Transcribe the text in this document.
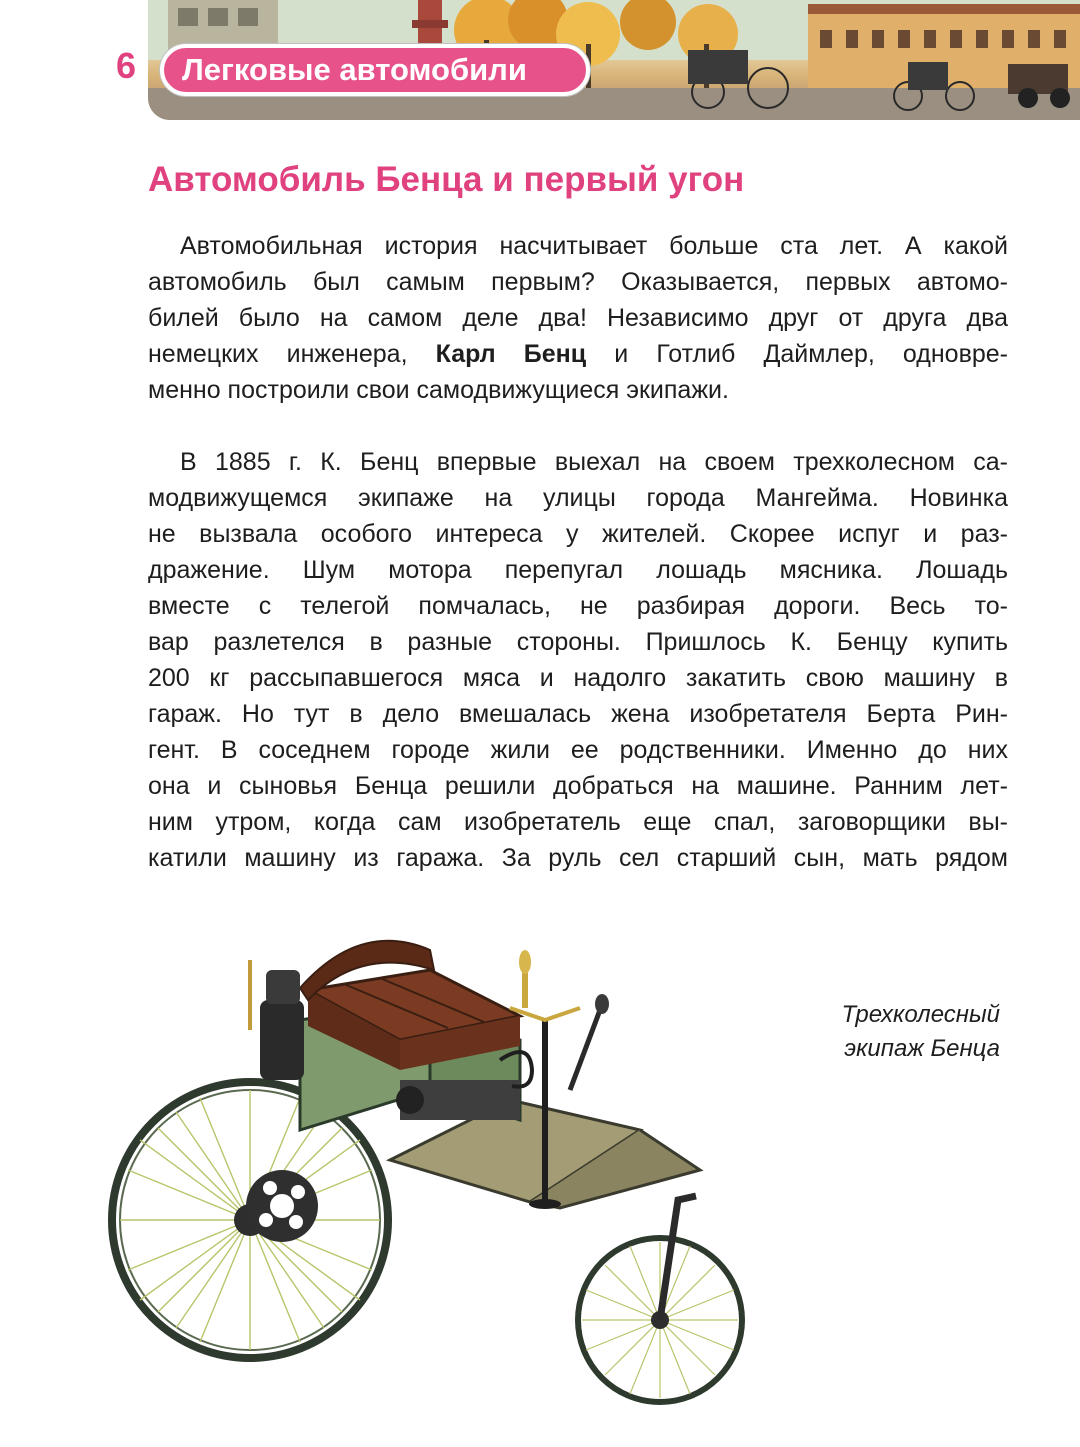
6	Легковые автомобили
Автомобиль Бенца и первый угон
Автомобильная история насчитывает больше ста лет. А какой
автомобиль был самым первым? Оказывается, первых автомо-
билей было на самом деле два! Независимо друг от друга два
немецких инженера, Карл Бенц и Готлиб Даймлер, одновре-
менно построили свои самодвижущиеся экипажи.
В 1885 г. К. Бенц впервые выехал на своем трехколесном са-
модвижущемся экипаже на улицы города Мангейма. Новинка
не вызвала особого интереса у жителей. Скорее испуг и раз-
дражение. Шум мотора перепугал лошадь мясника. Лошадь
вместе с телегой помчалась, не разбирая дороги. Весь то-
вар разлетелся в разные стороны. Пришлось К. Бенцу купить
200 кг рассыпавшегося мяса и надолго закатить свою машину в
гараж. Но тут в дело вмешалась жена изобретателя Берта Рин-
гент. В соседнем городе жили ее родственники. Именно до них
она и сыновья Бенца решили добраться на машине. Ранним лет-
ним утром, когда сам изобретатель еще спал, заговорщики вы-
катили машину из гаража. За руль сел старший сын, мать рядом
Трехколесный
экипаж Бенца
